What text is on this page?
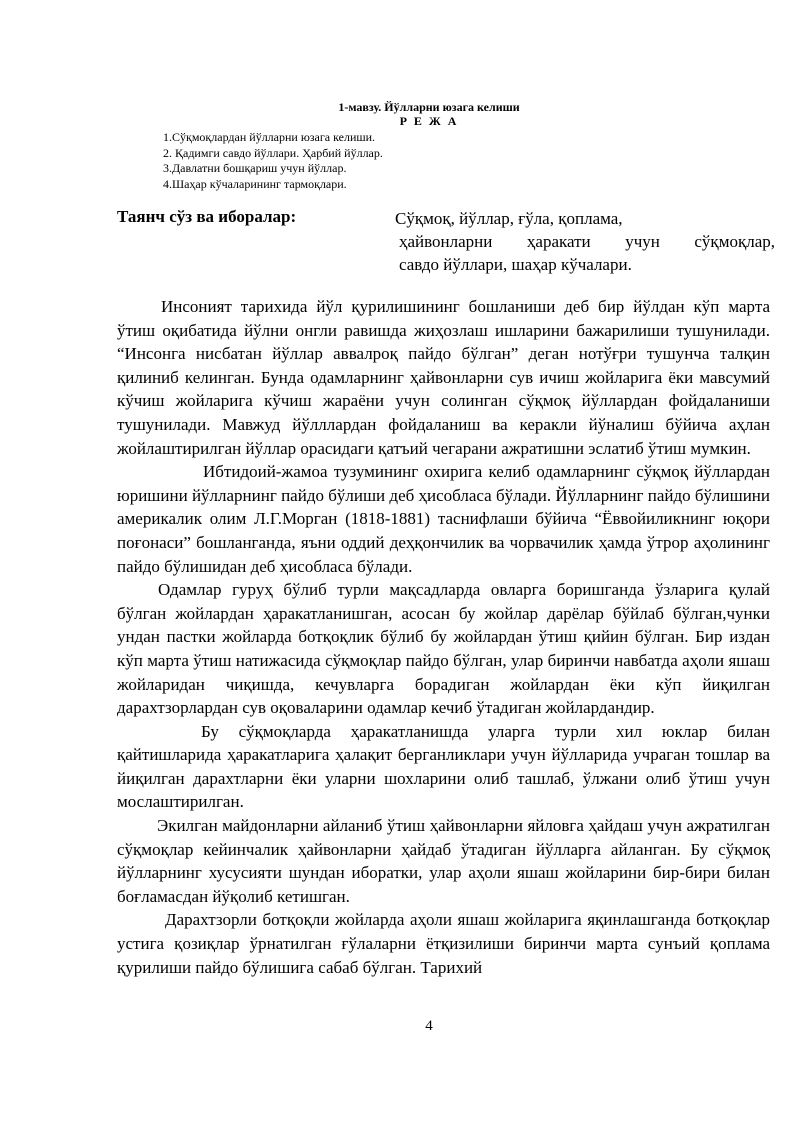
1-мавзу. Йўлларни юзага келиши
Р Е Ж А
1.Сўқмоқлардан йўлларни юзага келиши.
2. Қадимги савдо йўллари. Ҳарбий йўллар.
3.Давлатни бошқариш учун йўллар.
4.Шаҳар кўчаларининг тармоқлари.
Таянч сўз ва иборалар:	Сўқмоқ, йўллар, ғўла, қоплама,
ҳайвонларни ҳаракати учун сўқмоқлар,
савдо йўллари, шаҳар кўчалари.

Инсоният тарихида йўл қурилишининг бошланиши деб бир йўлдан кўп марта ўтиш оқибатида йўлни онгли равишда жиҳозлаш ишларини бажарилиши тушунилади. “Инсонга нисбатан йўллар аввалроқ пайдо бўлган” деган нотўғри тушунча талқин қилиниб келинган. Бунда одамларнинг ҳайвонларни сув ичиш жойларига ёки мавсумий кўчиш жойларига кўчиш жараёни учун солинган сўқмоқ йўллардан фойдаланиши тушунилади. Мавжуд йўлллардан фойдаланиш ва керакли йўналиш бўйича аҳлан жойлаштирилган йўллар орасидаги қатъий чегарани ажратишни эслатиб ўтиш мумкин.

Ибтидоий-жамоа тузумининг охирига келиб одамларнинг сўқмоқ йўллардан юришини йўлларнинг пайдо бўлиши деб ҳисобласа бўлади. Йўлларнинг пайдо бўлишини америкалик олим Л.Г.Морган (1818-1881) таснифлаши бўйича “Ёввойиликнинг юқори поғонаси” бошланганда, яъни оддий деҳқончилик ва чорвачилик ҳамда ўтрор аҳолининг пайдо бўлишидан деб ҳисобласа бўлади.

Одамлар гуруҳ бўлиб турли мақсадларда овларга боришганда ўзларига қулай бўлган жойлардан ҳаракатланишган, асосан бу жойлар дарёлар бўйлаб бўлган,чунки ундан пастки жойларда ботқоқлик бўлиб бу жойлардан ўтиш қийин бўлган. Бир издан кўп марта ўтиш натижасида сўқмоқлар пайдо бўлган, улар биринчи навбатда аҳоли яшаш жойларидан чиқишда, кечувларга борадиган жойлардан ёки кўп йиқилган дарахтзорлардан сув оқоваларини одамлар кечиб ўтадиган жойлардандир.

Бу сўқмоқларда ҳаракатланишда уларга турли хил юклар билан қайтишларида ҳаракатларига ҳалақит берганликлари учун йўлларида учраган тошлар ва йиқилган дарахтларни ёки уларни шохларини олиб ташлаб, ўлжани олиб ўтиш учун мослаштирилган.

Экилган майдонларни айланиб ўтиш ҳайвонларни яйловга ҳайдаш учун ажратилган сўқмоқлар кейинчалик ҳайвонларни ҳайдаб ўтадиган йўлларга айланган. Бу сўқмоқ йўлларнинг хусусияти шундан иборатки, улар аҳоли яшаш жойларини бир-бири билан боғламасдан йўқолиб кетишган.

Дарахтзорли ботқоқли жойларда аҳоли яшаш жойларига яқинлашганда ботқоқлар устига қозиқлар ўрнатилган ғўлаларни ётқизилиши биринчи марта сунъий қоплама қурилиши пайдо бўлишига сабаб бўлган. Тарихий

4
